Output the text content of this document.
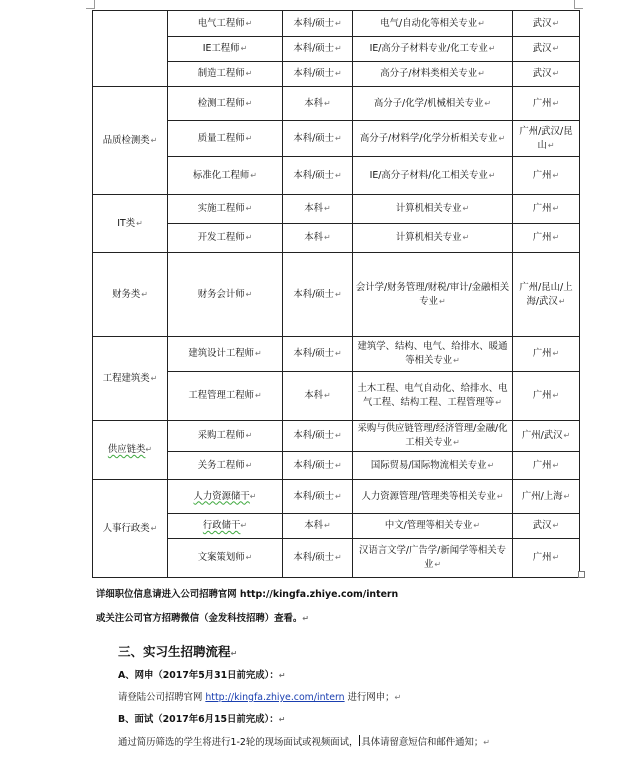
	电气工程师 ↵	本科/硕士 ↵	电气/自动化等相关专业 ↵	武汉 ↵
	IE工程师 ↵	本科/硕士 ↵	IE/高分子材料专业/化工专业 ↵	武汉 ↵
	制造工程师 ↵	本科/硕士 ↵	高分子/材料类相关专业 ↵	武汉 ↵
品质检测类 ↵	检测工程师 ↵	本科 ↵	高分子/化学/机械相关专业 ↵	广州 ↵
	质量工程师 ↵	本科/硕士 ↵	高分子/材料学/化学分析相关专业 ↵	广州/武汉/昆山 ↵
	标准化工程师 ↵	本科/硕士 ↵	IE/高分子材料/化工相关专业 ↵	广州 ↵
IT类 ↵	实施工程师 ↵	本科 ↵	计算机相关专业 ↵	广州 ↵
	开发工程师 ↵	本科 ↵	计算机相关专业 ↵	广州 ↵
财务类 ↵	财务会计师 ↵	本科/硕士 ↵	会计学/财务管理/财税/审计/金融相关专业 ↵	广州/昆山/上海/武汉 ↵
工程建筑类 ↵	建筑设计工程师 ↵	本科/硕士 ↵	建筑学、结构、电气、给排水、暖通等相关专业 ↵	广州 ↵
	工程管理工程师 ↵	本科 ↵	土木工程、电气自动化、给排水、电气工程、结构工程、工程管理等 ↵	广州 ↵
供应链类↵	采购工程师 ↵	本科/硕士 ↵	采购与供应链管理/经济管理/金融/化工相关专业 ↵	广州/武汉 ↵
	关务工程师 ↵	本科/硕士 ↵	国际贸易/国际物流相关专业 ↵	广州 ↵
人事行政类 ↵	人力资源储干↵	本科/硕士 ↵	人力资源管理/管理类等相关专业 ↵	广州/上海 ↵
	行政储干↵	本科 ↵	中文/管理等相关专业 ↵	武汉 ↵
	文案策划师 ↵	本科/硕士 ↵	汉语言文学/广告学/新闻学等相关专业 ↵	广州 ↵
详细职位信息请进入公司招聘官网 http://kingfa.zhiye.com/intern
或关注公司官方招聘微信（金发科技招聘）查看。↵
三、实习生招聘流程↵
A、网申（2017年5月31日前完成）：↵
请登陆公司招聘官网 http://kingfa.zhiye.com/intern 进行网申；↵
B、面试（2017年6月15日前完成）：↵
通过简历筛选的学生将进行1-2轮的现场面试或视频面试， 具体请留意短信和邮件通知；↵
